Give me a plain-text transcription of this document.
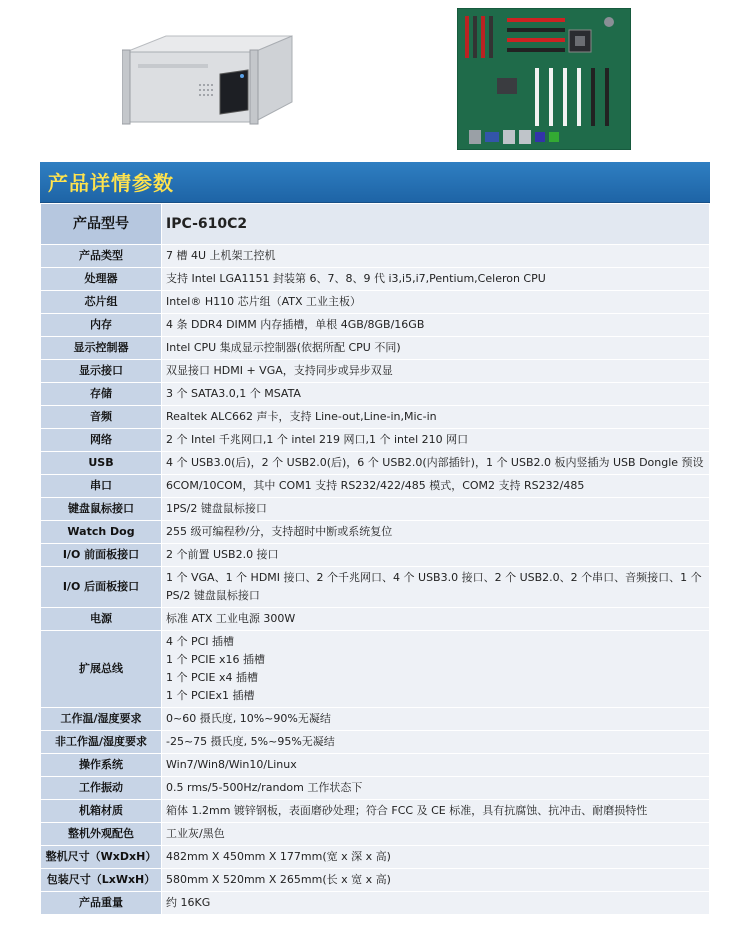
产品详情参数
产品型号	IPC-610C2
产品类型	7 槽 4U 上机架工控机

处理器	支持 Intel LGA1151 封装第 6、7、8、9 代 i3,i5,i7,Pentium,Celeron CPU

芯片组	Intel® H110 芯片组（ATX 工业主板）

内存	4 条 DDR4 DIMM 内存插槽，单根 4GB/8GB/16GB

显示控制器	Intel CPU 集成显示控制器(依据所配 CPU 不同)

显示接口	双显接口 HDMI + VGA，支持同步或异步双显

存储	3 个 SATA3.0,1 个 MSATA

音频	Realtek ALC662 声卡，支持 Line-out,Line-in,Mic-in

网络	2 个 Intel 千兆网口,1 个 intel 219 网口,1 个 intel 210 网口

USB	4 个 USB3.0(后)，2 个 USB2.0(后)，6 个 USB2.0(内部插针)，1 个 USB2.0 板内竖插为 USB Dongle 预设

串口	6COM/10COM，其中 COM1 支持 RS232/422/485 模式，COM2 支持 RS232/485

键盘鼠标接口	1PS/2 键盘鼠标接口

Watch Dog	255 级可编程秒/分，支持超时中断或系统复位

I/O 前面板接口	2 个前置 USB2.0 接口

I/O 后面板接口	1 个 VGA、1 个 HDMI 接口、2 个千兆网口、4 个 USB3.0 接口、2 个 USB2.0、2 个串口、音频接口、1 个 PS/2 键盘鼠标接口

电源	标准 ATX 工业电源 300W

扩展总线	4 个 PCI 插槽
1 个 PCIE x16 插槽
1 个 PCIE x4 插槽
1 个 PCIEx1 插槽

工作温/湿度要求	0~60 摄氏度, 10%~90%无凝结

非工作温/湿度要求	-25~75 摄氏度, 5%~95%无凝结

操作系统	Win7/Win8/Win10/Linux

工作振动	0.5 rms/5-500Hz/random 工作状态下

机箱材质	箱体 1.2mm 镀锌钢板，表面磨砂处理；符合 FCC 及 CE 标准，具有抗腐蚀、抗冲击、耐磨损特性

整机外观配色	工业灰/黑色

整机尺寸（WxDxH）	482mm X 450mm X 177mm(宽 x 深 x 高)

包装尺寸（LxWxH）	580mm X 520mm X 265mm(长 x 宽 x 高)

产品重量	约 16KG
